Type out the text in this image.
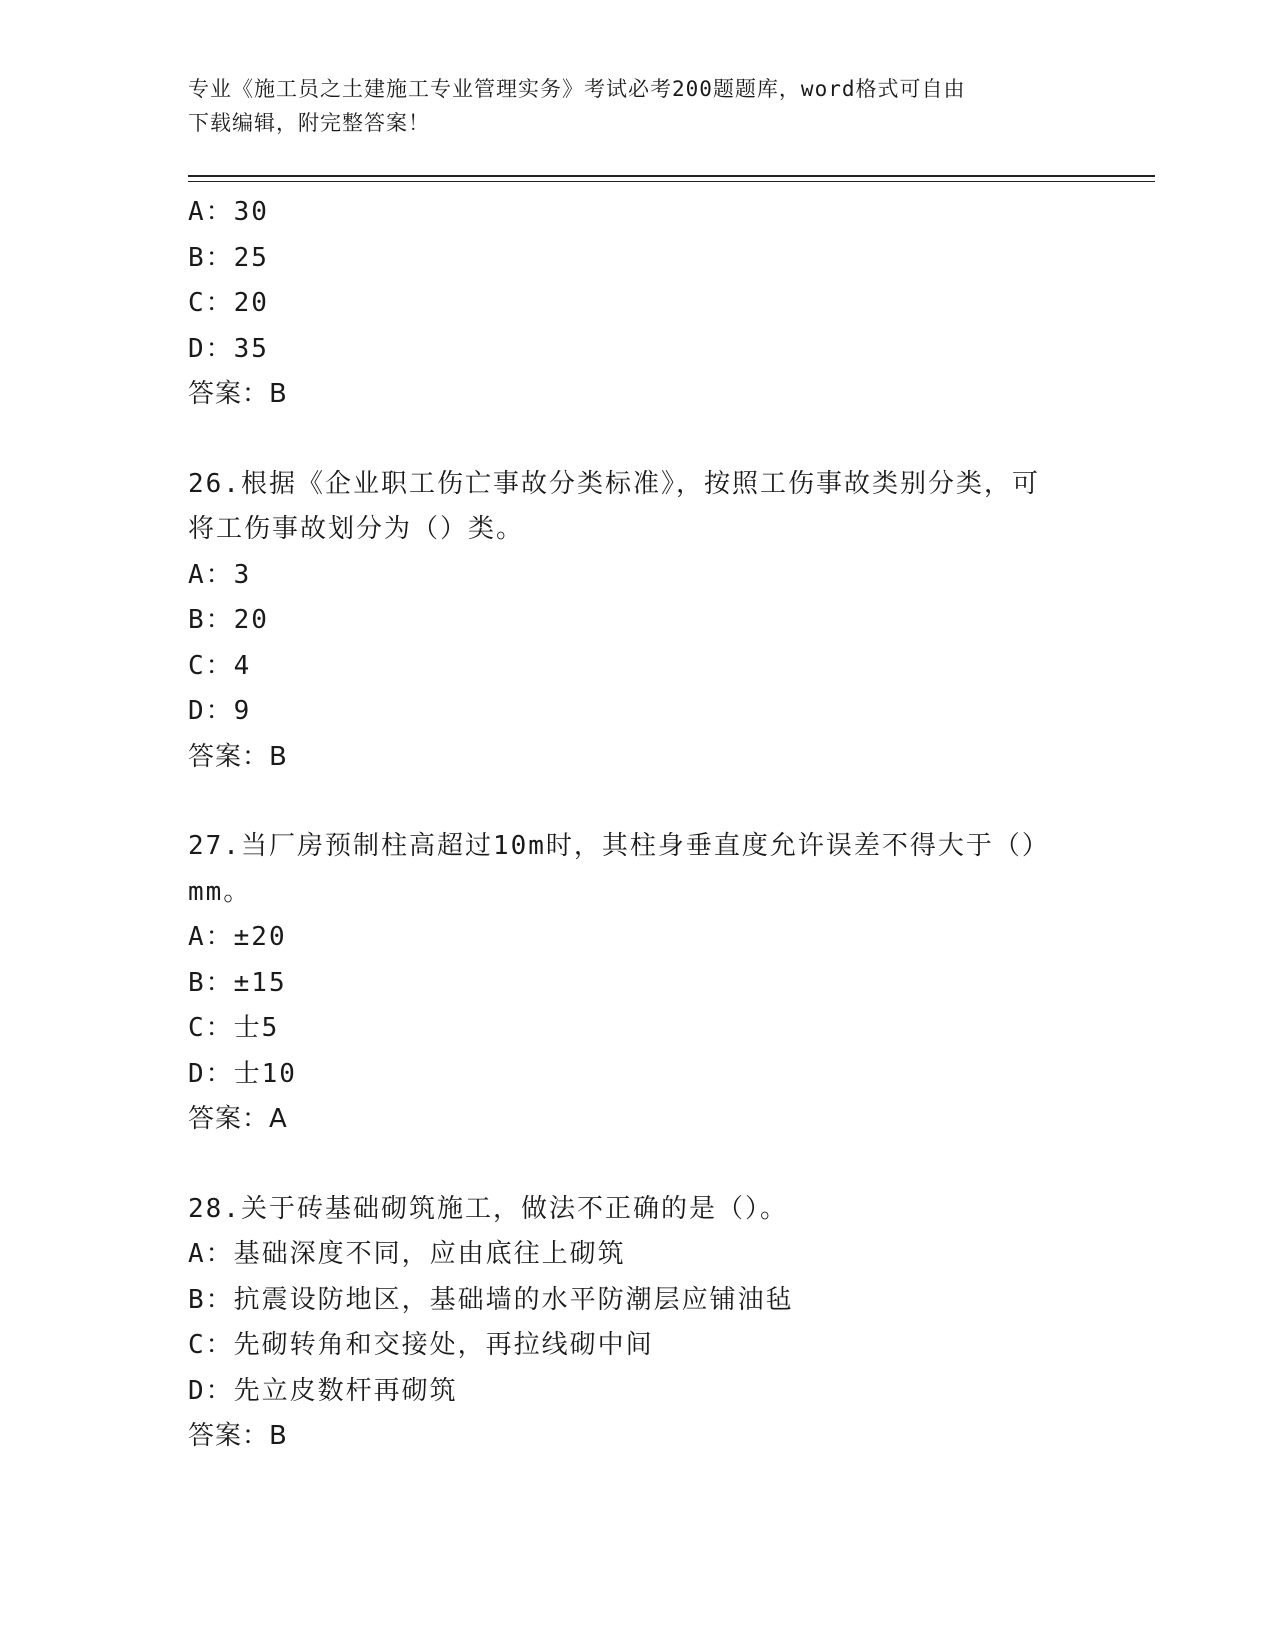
专业《施工员之土建施工专业管理实务》考试必考200题题库，word格式可自由
下载编辑，附完整答案！
A：30
B：25
C：20
D：35
答案：B
26.根据《企业职工伤亡事故分类标准》，按照工伤事故类别分类，可
将工伤事故划分为（）类。
A：3
B：20
C：4
D：9
答案：B
27.当厂房预制柱高超过10m时，其柱身垂直度允许误差不得大于（）
mm。
A：±20
B：±15
C：士5
D：士10
答案：A
28.关于砖基础砌筑施工，做法不正确的是（）。
A：基础深度不同，应由底往上砌筑
B：抗震设防地区，基础墙的水平防潮层应铺油毡
C：先砌转角和交接处，再拉线砌中间
D：先立皮数杆再砌筑
答案：B
